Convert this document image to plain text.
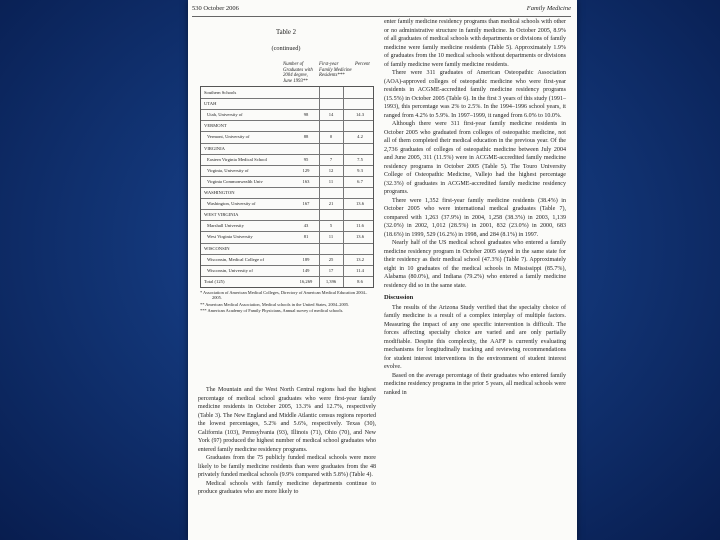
530 October 2006	Family Medicine
Table 2
(continued)
Number of Graduates with 2004 degree, June 1993**
First-year Family Medicine Residents***
Percent
Southern Schools
UTAH
Utah, University of	98	14	14.3
VERMONT
Vermont, University of	88	0	4.2
VIRGINIA
Eastern Virginia Medical School	95	7	7.5
Virginia, University of	129	12	9.3
Virginia Commonwealth Univ	163	11	6.7
WASHINGTON
Washington, University of	167	21	13.6
WEST VIRGINIA
Marshall University	43	5	11.6
West Virginia University	81	11	13.6
WISCONSIN
Wisconsin, Medical College of	189	25	13.2
Wisconsin, University of	149	17	11.4
Total (125)	16,269	1,396	8.6
* Association of American Medical Colleges, Directory of American Medical Education 2004–2005.
** American Medical Association, Medical schools in the United States, 2004–2005.
*** American Academy of Family Physicians, Annual survey of medical schools.

The Mountain and the West North Central regions had the highest percentage of medical school graduates who were first-year family medicine residents in October 2005, 13.3% and 12.7%, respectively (Table 3). The New England and Middle Atlantic census regions reported the lowest percentages, 5.2% and 5.6%, respectively. Texas (30), California (103), Pennsylvania (93), Illinois (71), Ohio (70), and New York (97) produced the highest number of medical school graduates who entered family medicine residency programs.

Graduates from the 75 publicly funded medical schools were more likely to be family medicine residents than were graduates from the 48 privately funded medical schools (9.9% compared with 5.8%) (Table 4).

Medical schools with family medicine departments continue to produce graduates who are more likely to

enter family medicine residency programs than medical schools with other or no administrative structure in family medicine. In October 2005, 8.9% of all graduates of medical schools with departments or divisions of family medicine were family medicine residents (Table 5). Approximately 1.9% of graduates from the 10 medical schools without departments or divisions of family medicine were family medicine residents.

There were 311 graduates of American Osteopathic Association (AOA)-approved colleges of osteopathic medicine who were first-year residents in ACGME-accredited family medicine residency programs (15.5%) in October 2005 (Table 6). In the first 3 years of this study (1991–1993), this percentage was 2% to 2.5%. In the 1994–1996 school years, it ranged from 4.2% to 5.9%. In 1997–1999, it ranged from 6.0% to 10.0%.

Although there were 311 first-year family medicine residents in October 2005 who graduated from colleges of osteopathic medicine, not all of them completed their medical education in the previous year. Of the 2,736 graduates of colleges of osteopathic medicine between July 2004 and June 2005, 311 (11.5%) were in ACGME-accredited family medicine residency programs in October 2005 (Table 5). The Touro University College of Osteopathic Medicine, Vallejo had the highest percentage (32.3%) of graduates in ACGME-accredited family medicine residency programs.

There were 1,352 first-year family medicine residents (38.4%) in October 2005 who were international medical graduates (Table 7), compared with 1,263 (37.9%) in 2004, 1,258 (38.3%) in 2003, 1,139 (32.0%) in 2002, 1,012 (28.5%) in 2001, 832 (23.0%) in 2000, 683 (18.6%) in 1999, 529 (16.2%) in 1998, and 284 (8.1%) in 1997.

Nearly half of the US medical school graduates who entered a family medicine residency program in October 2005 stayed in the same state for their residency as their medical school (47.3%) (Table 7). Approximately eight in 10 graduates of the medical schools in Mississippi (85.7%), Alabama (80.0%), and Indiana (79.2%) who entered a family medicine residency did so in the same state.

Discussion

The results of the Arizona Study verified that the specialty choice of family medicine is a result of a complex interplay of multiple factors. Measuring the impact of any one specific intervention is difficult. The forces affecting specialty choice are varied and are only partially modifiable. Despite this complexity, the AAFP is currently evaluating mechanisms for longitudinally tracking and reviewing recommendations for student interest interventions in the environment of student interest evolve.

Based on the average percentage of their graduates who entered family medicine residency programs in the prior 5 years, all medical schools were ranked in
